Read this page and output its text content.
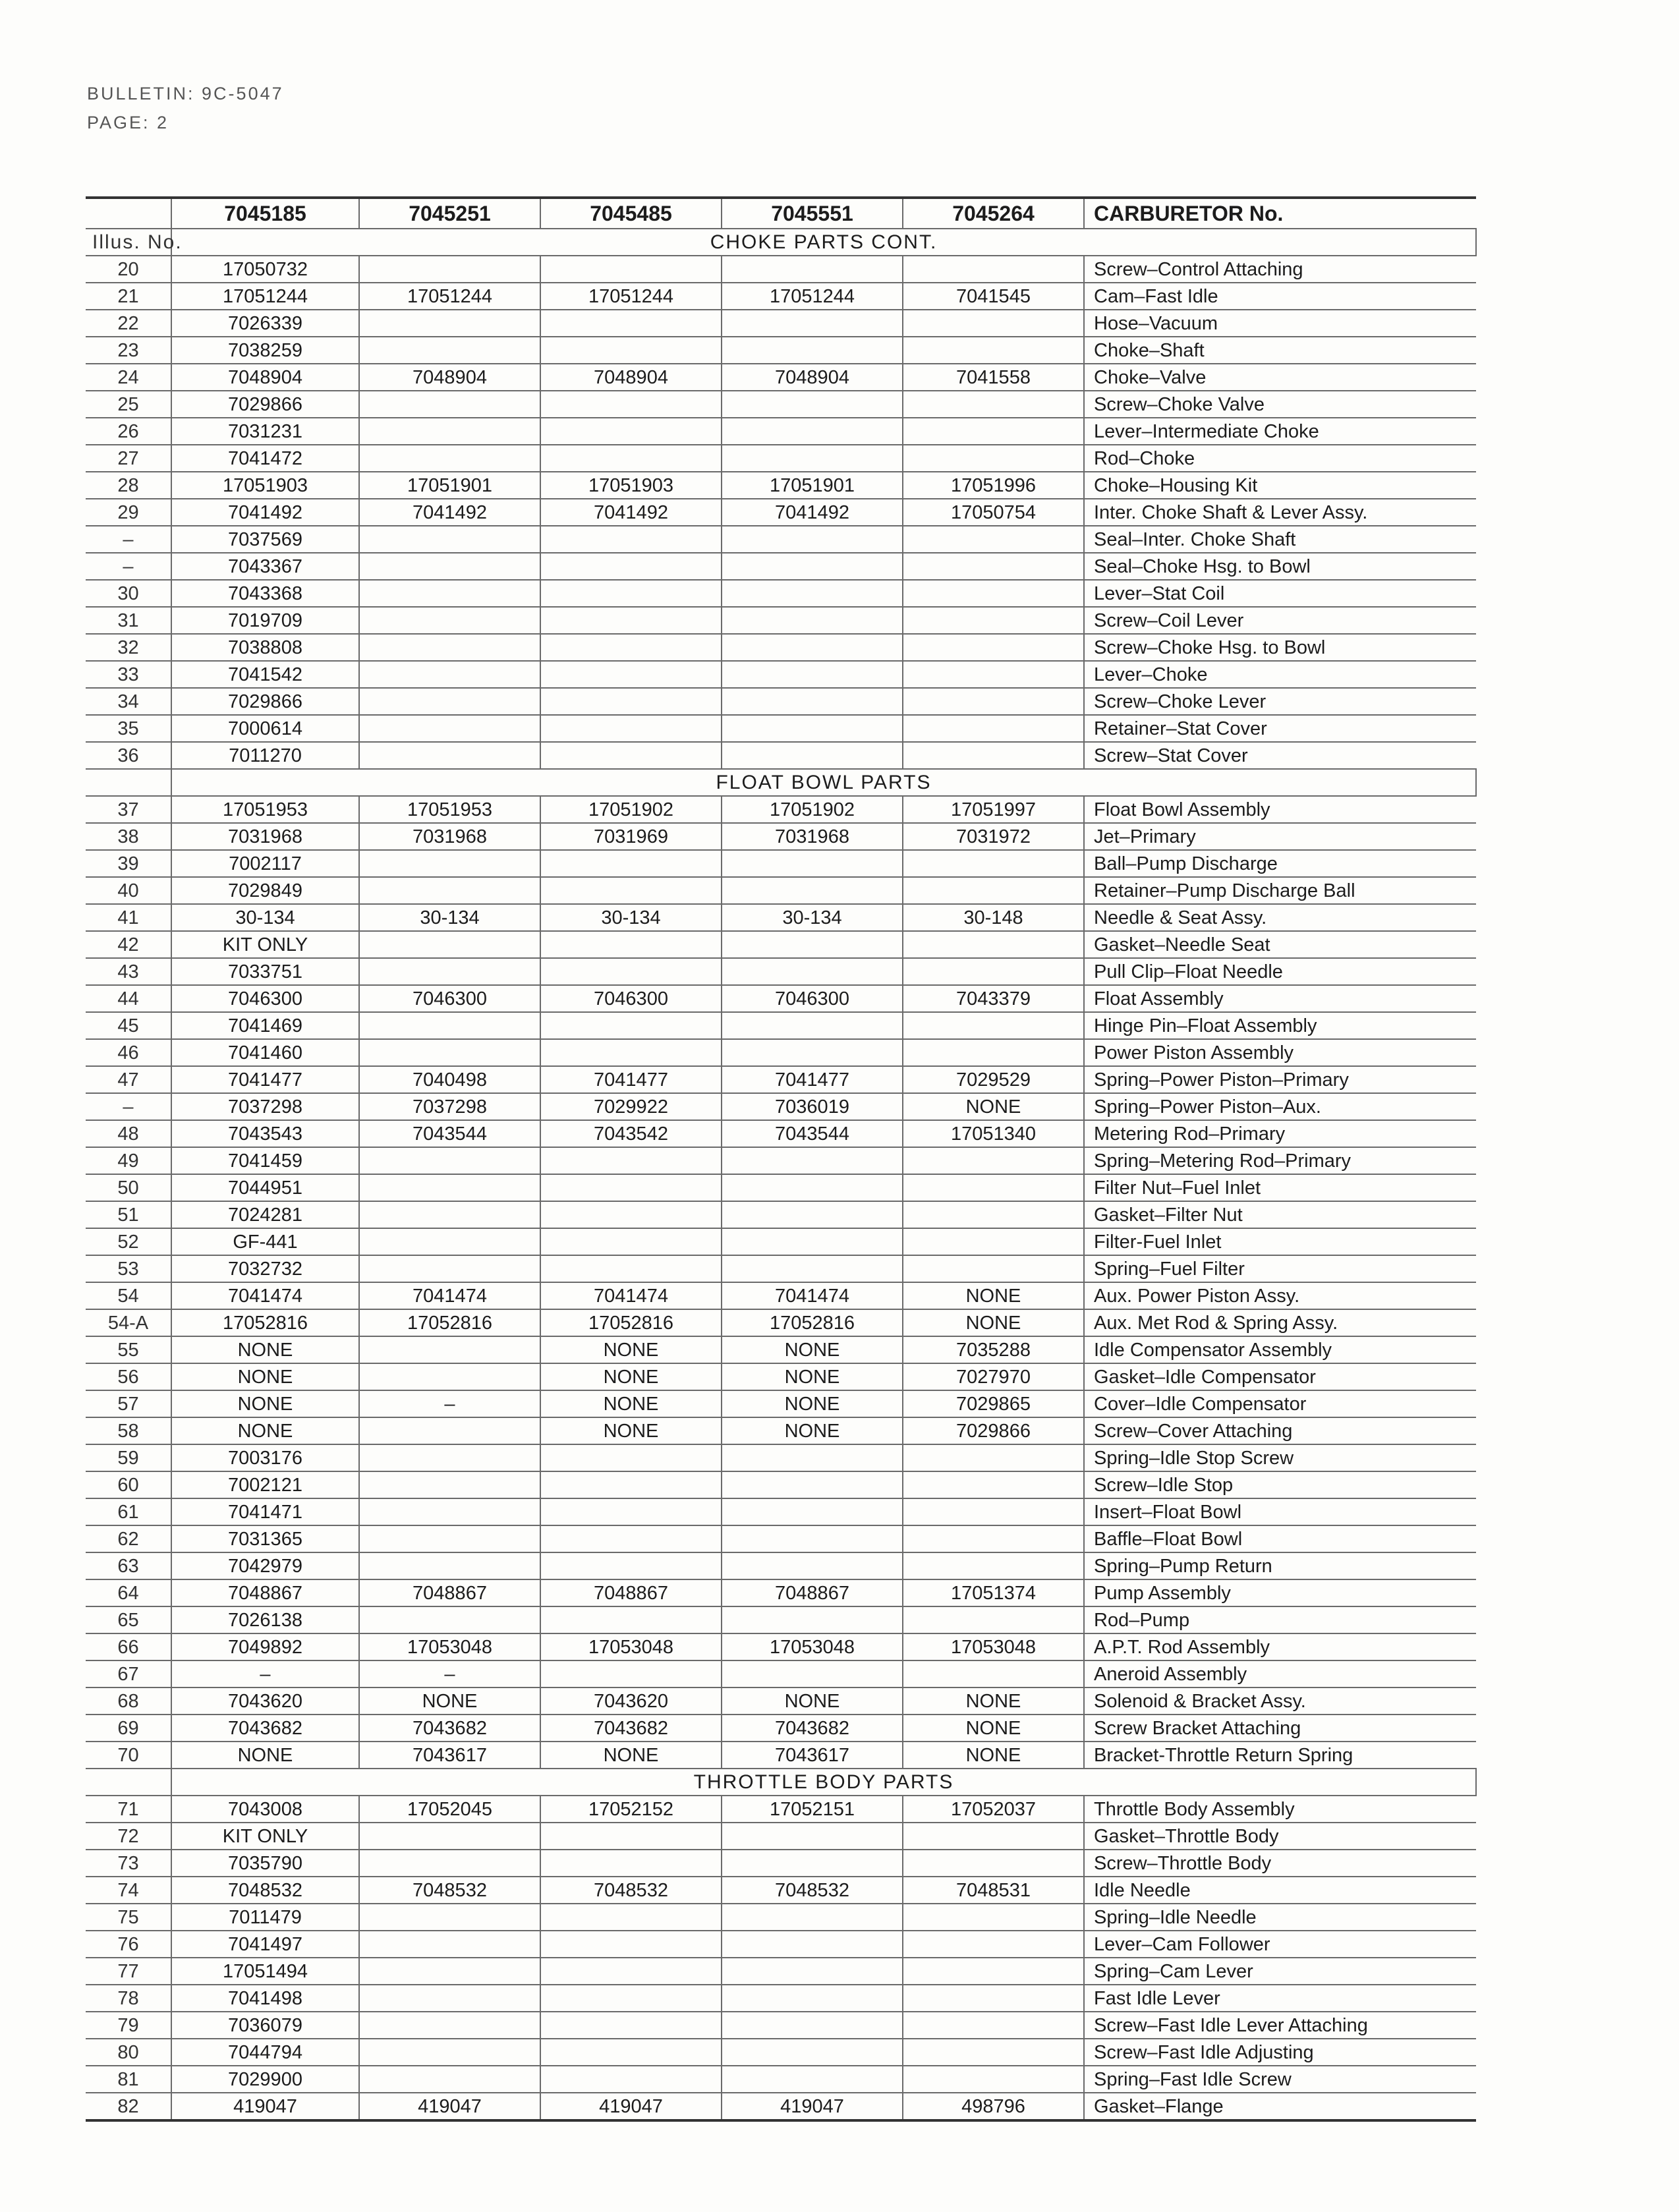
BULLETIN: 9C-5047
PAGE: 2
	7045185	7045251	7045485	7045551	7045264	CARBURETOR No.
Illus. No.	CHOKE PARTS CONT.					
20	17050732					Screw–Control Attaching
21	17051244	17051244	17051244	17051244	7041545	Cam–Fast Idle
22	7026339					Hose–Vacuum
23	7038259					Choke–Shaft
24	7048904	7048904	7048904	7048904	7041558	Choke–Valve
25	7029866					Screw–Choke Valve
26	7031231					Lever–Intermediate Choke
27	7041472					Rod–Choke
28	17051903	17051901	17051903	17051901	17051996	Choke–Housing Kit
29	7041492	7041492	7041492	7041492	17050754	Inter. Choke Shaft & Lever Assy.
–	7037569					Seal–Inter. Choke Shaft
–	7043367					Seal–Choke Hsg. to Bowl
30	7043368					Lever–Stat Coil
31	7019709					Screw–Coil Lever
32	7038808					Screw–Choke Hsg. to Bowl
33	7041542					Lever–Choke
34	7029866					Screw–Choke Lever
35	7000614					Retainer–Stat Cover
36	7011270					Screw–Stat Cover
	FLOAT BOWL PARTS					
37	17051953	17051953	17051902	17051902	17051997	Float Bowl Assembly
38	7031968	7031968	7031969	7031968	7031972	Jet–Primary
39	7002117					Ball–Pump Discharge
40	7029849					Retainer–Pump Discharge Ball
41	30-134	30-134	30-134	30-134	30-148	Needle & Seat Assy.
42	KIT ONLY					Gasket–Needle Seat
43	7033751					Pull Clip–Float Needle
44	7046300	7046300	7046300	7046300	7043379	Float Assembly
45	7041469					Hinge Pin–Float Assembly
46	7041460					Power Piston Assembly
47	7041477	7040498	7041477	7041477	7029529	Spring–Power Piston–Primary
–	7037298	7037298	7029922	7036019	NONE	Spring–Power Piston–Aux.
48	7043543	7043544	7043542	7043544	17051340	Metering Rod–Primary
49	7041459					Spring–Metering Rod–Primary
50	7044951					Filter Nut–Fuel Inlet
51	7024281					Gasket–Filter Nut
52	GF-441					Filter-Fuel Inlet
53	7032732					Spring–Fuel Filter
54	7041474	7041474	7041474	7041474	NONE	Aux. Power Piston Assy.
54-A	17052816	17052816	17052816	17052816	NONE	Aux. Met Rod & Spring Assy.
55	NONE		NONE	NONE	7035288	Idle Compensator Assembly
56	NONE		NONE	NONE	7027970	Gasket–Idle Compensator
57	NONE	–	NONE	NONE	7029865	Cover–Idle Compensator
58	NONE		NONE	NONE	7029866	Screw–Cover Attaching
59	7003176					Spring–Idle Stop Screw
60	7002121					Screw–Idle Stop
61	7041471					Insert–Float Bowl
62	7031365					Baffle–Float Bowl
63	7042979					Spring–Pump Return
64	7048867	7048867	7048867	7048867	17051374	Pump Assembly
65	7026138					Rod–Pump
66	7049892	17053048	17053048	17053048	17053048	A.P.T. Rod Assembly
67	–	–				Aneroid Assembly
68	7043620	NONE	7043620	NONE	NONE	Solenoid & Bracket Assy.
69	7043682	7043682	7043682	7043682	NONE	Screw Bracket Attaching
70	NONE	7043617	NONE	7043617	NONE	Bracket-Throttle Return Spring
	THROTTLE BODY PARTS					
71	7043008	17052045	17052152	17052151	17052037	Throttle Body Assembly
72	KIT ONLY					Gasket–Throttle Body
73	7035790					Screw–Throttle Body
74	7048532	7048532	7048532	7048532	7048531	Idle Needle
75	7011479					Spring–Idle Needle
76	7041497					Lever–Cam Follower
77	17051494					Spring–Cam Lever
78	7041498					Fast Idle Lever
79	7036079					Screw–Fast Idle Lever Attaching
80	7044794					Screw–Fast Idle Adjusting
81	7029900					Spring–Fast Idle Screw
82	419047	419047	419047	419047	498796	Gasket–Flange
